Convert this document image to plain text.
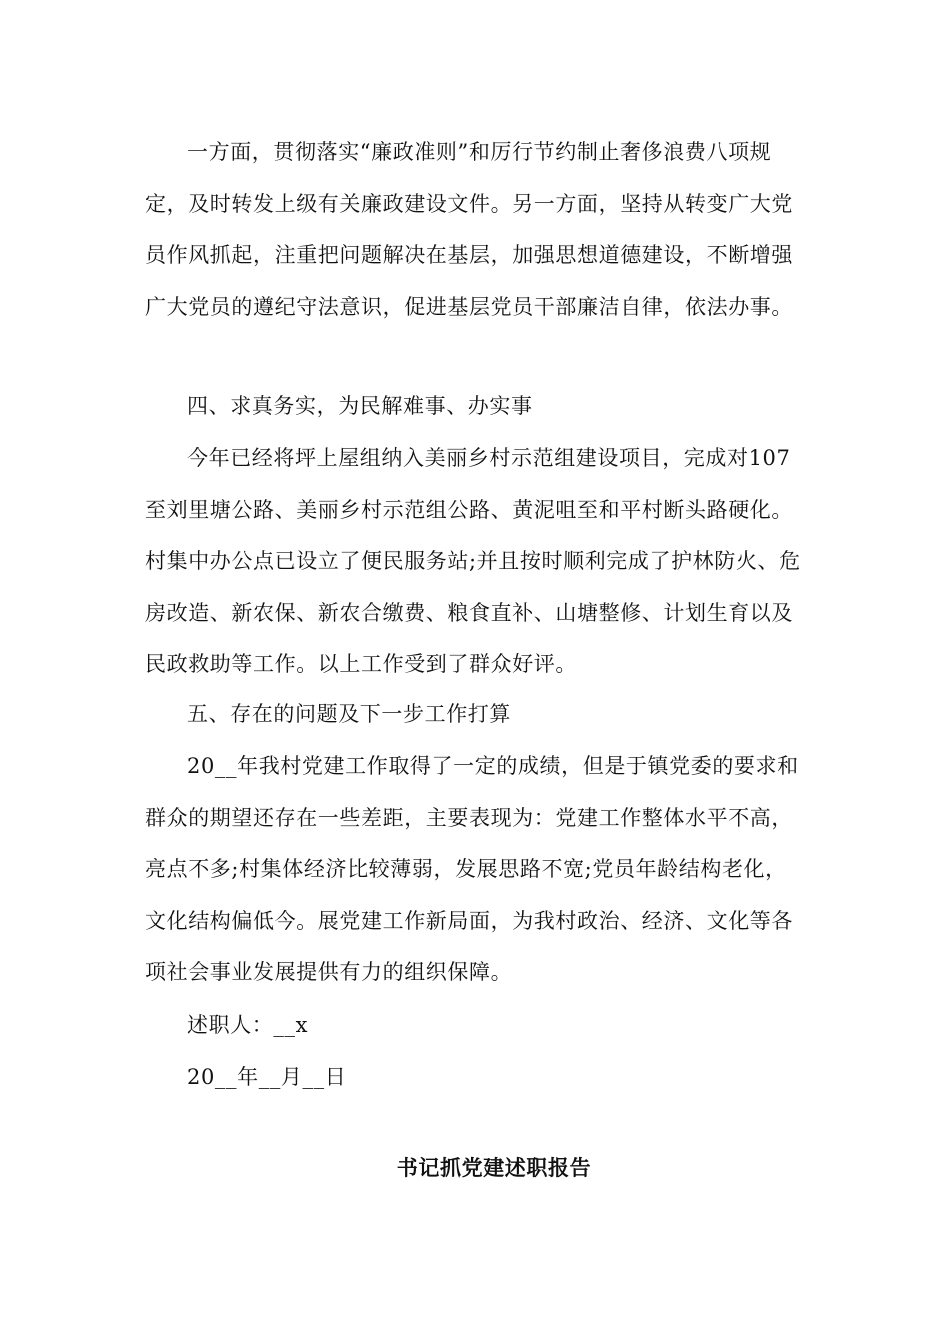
一方面，贯彻落实“廉政准则”和厉行节约制止奢侈浪费八项规定，及时转发上级有关廉政建设文件。另一方面，坚持从转变广大党员作风抓起，注重把问题解决在基层，加强思想道德建设，不断增强广大党员的遵纪守法意识，促进基层党员干部廉洁自律，依法办事。

四、求真务实，为民解难事、办实事

今年已经将坪上屋组纳入美丽乡村示范组建设项目，完成对107至刘里塘公路、美丽乡村示范组公路、黄泥咀至和平村断头路硬化。村集中办公点已设立了便民服务站;并且按时顺利完成了护林防火、危房改造、新农保、新农合缴费、粮食直补、山塘整修、计划生育以及民政救助等工作。以上工作受到了群众好评。

五、存在的问题及下一步工作打算

20__年我村党建工作取得了一定的成绩，但是于镇党委的要求和群众的期望还存在一些差距，主要表现为：党建工作整体水平不高，亮点不多;村集体经济比较薄弱，发展思路不宽;党员年龄结构老化，文化结构偏低今。展党建工作新局面，为我村政治、经济、文化等各项社会事业发展提供有力的组织保障。

述职人：__x

20__年__月__日

书记抓党建述职报告
